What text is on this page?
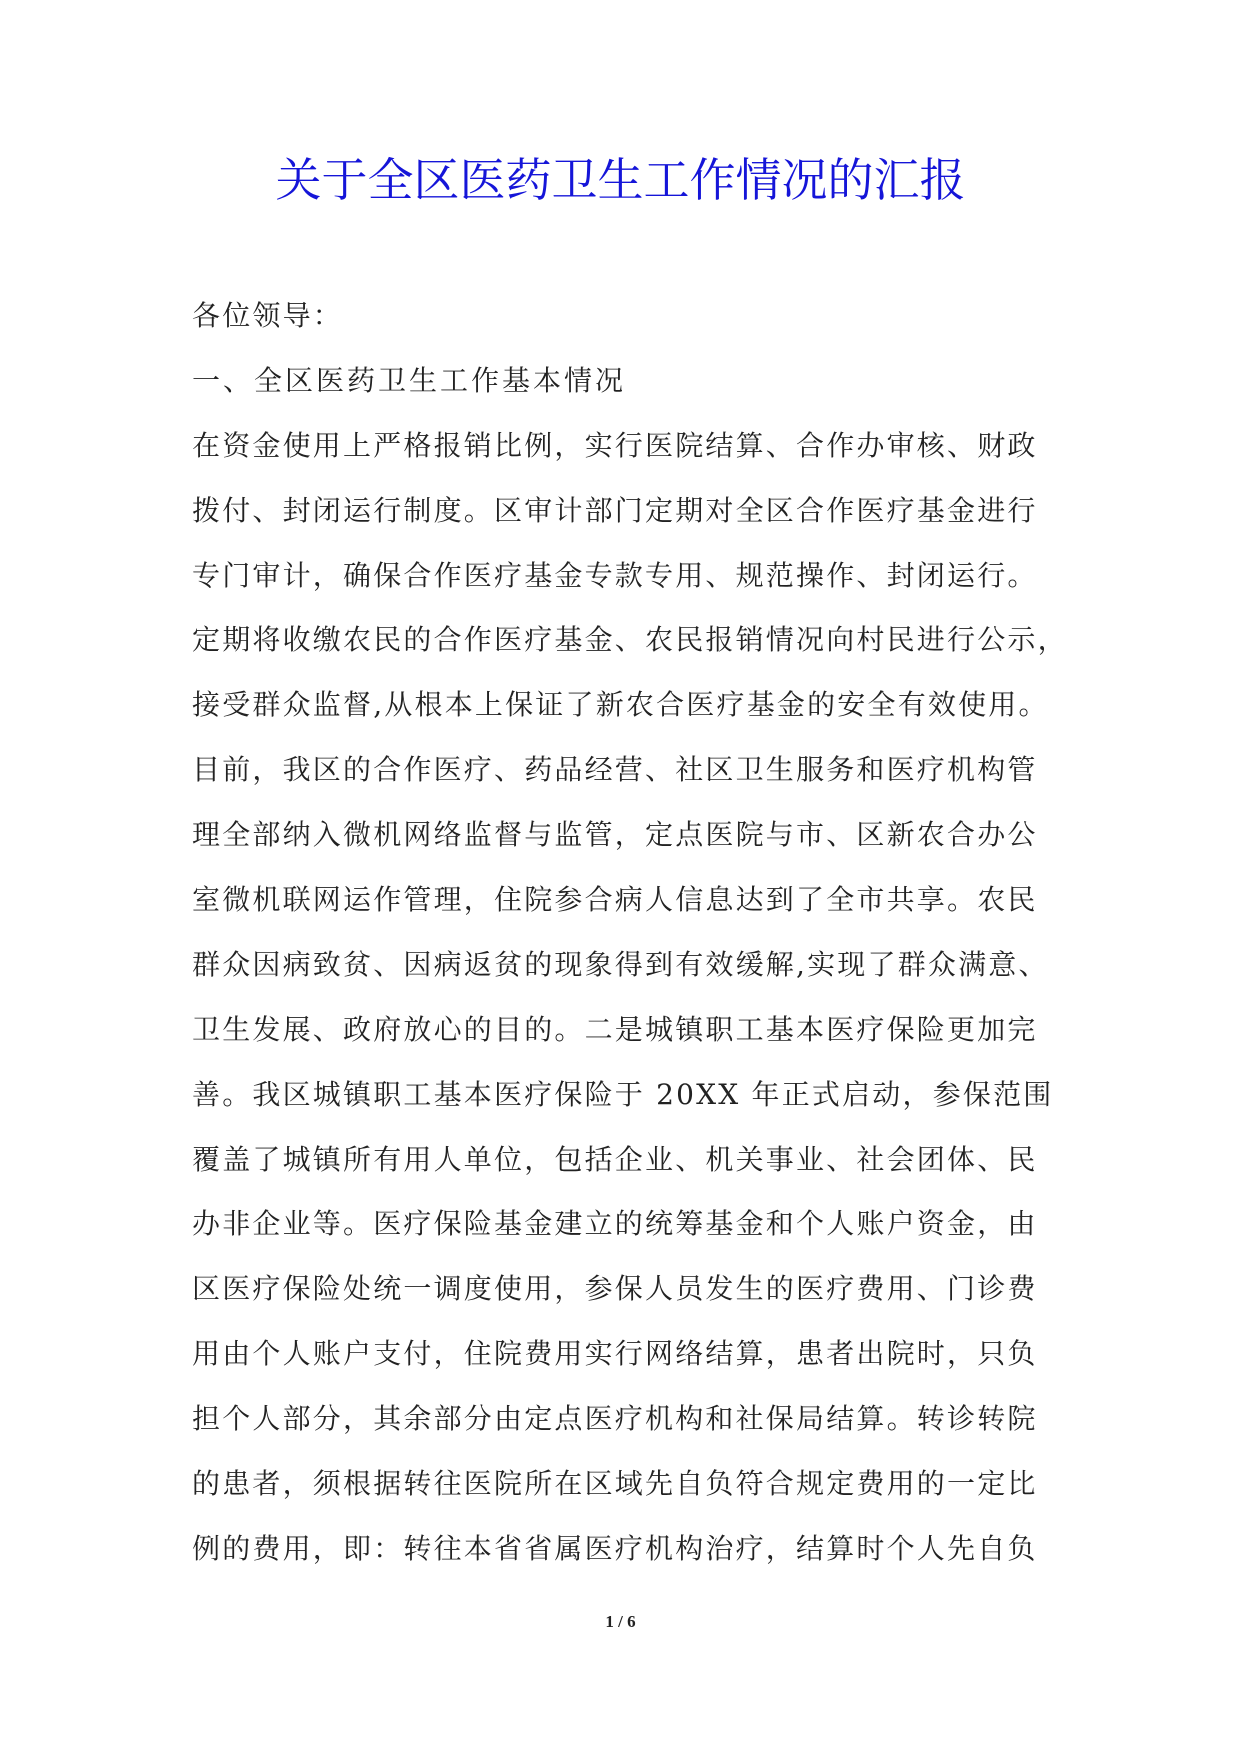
关于全区医药卫生工作情况的汇报
各位领导：
一、全区医药卫生工作基本情况
在资金使用上严格报销比例，实行医院结算、合作办审核、财政
拨付、封闭运行制度。区审计部门定期对全区合作医疗基金进行
专门审计，确保合作医疗基金专款专用、规范操作、封闭运行。
定期将收缴农民的合作医疗基金、农民报销情况向村民进行公示，
接受群众监督,从根本上保证了新农合医疗基金的安全有效使用。
目前，我区的合作医疗、药品经营、社区卫生服务和医疗机构管
理全部纳入微机网络监督与监管，定点医院与市、区新农合办公
室微机联网运作管理，住院参合病人信息达到了全市共享。农民
群众因病致贫、因病返贫的现象得到有效缓解,实现了群众满意、
卫生发展、政府放心的目的。二是城镇职工基本医疗保险更加完
善。我区城镇职工基本医疗保险于 20XX 年正式启动，参保范围
覆盖了城镇所有用人单位，包括企业、机关事业、社会团体、民
办非企业等。医疗保险基金建立的统筹基金和个人账户资金，由
区医疗保险处统一调度使用，参保人员发生的医疗费用、门诊费
用由个人账户支付，住院费用实行网络结算，患者出院时，只负
担个人部分，其余部分由定点医疗机构和社保局结算。转诊转院
的患者，须根据转往医院所在区域先自负符合规定费用的一定比
例的费用，即：转往本省省属医疗机构治疗，结算时个人先自负
1 / 6
